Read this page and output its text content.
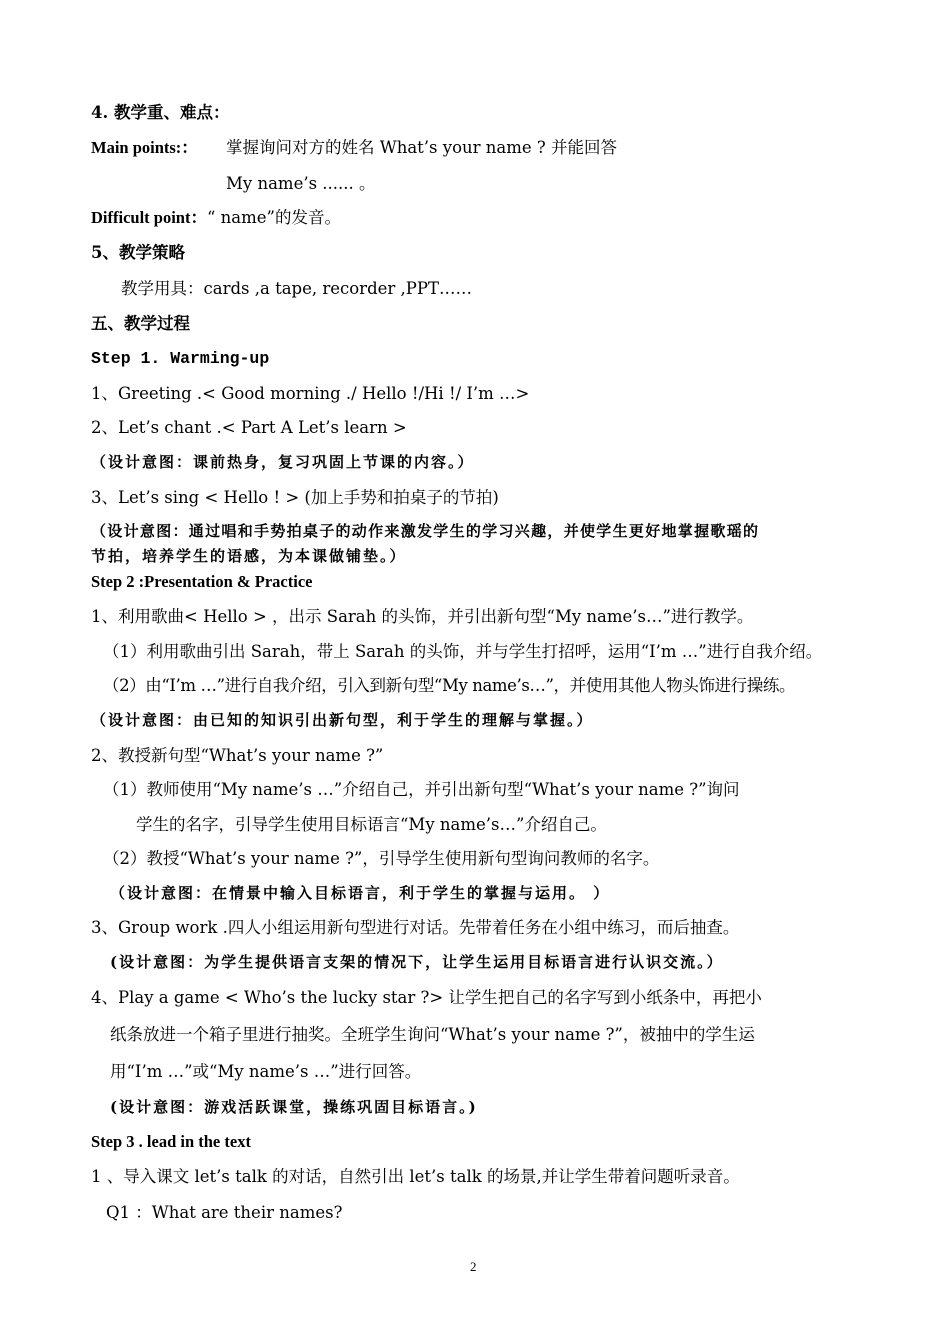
4. 教学重、难点：
Main points:： 掌握询问对方的姓名 What’s your name ? 并能回答
My name’s ...... 。
Difficult point：“ name”的发音。
5、教学策略
教学用具：cards ,a tape, recorder ,PPT……
五、教学过程
Step 1. Warming-up
1、Greeting .< Good morning ./ Hello !/Hi !/ I’m …>
2、Let’s chant .< Part A Let’s learn >
（设计意图：课前热身，复习巩固上节课的内容。）
3、Let’s sing < Hello ! > (加上手势和拍桌子的节拍)
（设计意图：通过唱和手势拍桌子的动作来激发学生的学习兴趣，并使学生更好地掌握歌瑶的
节拍，培养学生的语感，为本课做铺垫。）
Step 2 :Presentation & Practice
1、利用歌曲< Hello > ，出示 Sarah 的头饰，并引出新句型“My name’s…”进行教学。
（1）利用歌曲引出 Sarah，带上 Sarah 的头饰，并与学生打招呼，运用“I’m …”进行自我介绍。
（2）由“I’m …”进行自我介绍，引入到新句型“My name’s…”，并使用其他人物头饰进行操练。
（设计意图：由已知的知识引出新句型，利于学生的理解与掌握。）
2、教授新句型“What’s your name ?”
（1）教师使用“My name’s …”介绍自己，并引出新句型“What’s your name ?”询问
学生的名字，引导学生使用目标语言“My name’s…”介绍自己。
（2）教授“What’s your name ?”，引导学生使用新句型询问教师的名字。
（设计意图：在情景中输入目标语言，利于学生的掌握与运用。 ）
3、Group work .四人小组运用新句型进行对话。先带着任务在小组中练习，而后抽查。
(设计意图：为学生提供语言支架的情况下，让学生运用目标语言进行认识交流。）
4、Play a game < Who’s the lucky star ?> 让学生把自己的名字写到小纸条中，再把小
纸条放进一个箱子里进行抽奖。全班学生询问“What’s your name ?”，被抽中的学生运
用“I’m …”或“My name’s …”进行回答。
(设计意图：游戏活跃课堂，操练巩固目标语言。)
Step 3 . lead in the text
1 、导入课文 let’s talk 的对话，自然引出 let’s talk 的场景,并让学生带着问题听录音。
Q1 ：What are their names?
2
